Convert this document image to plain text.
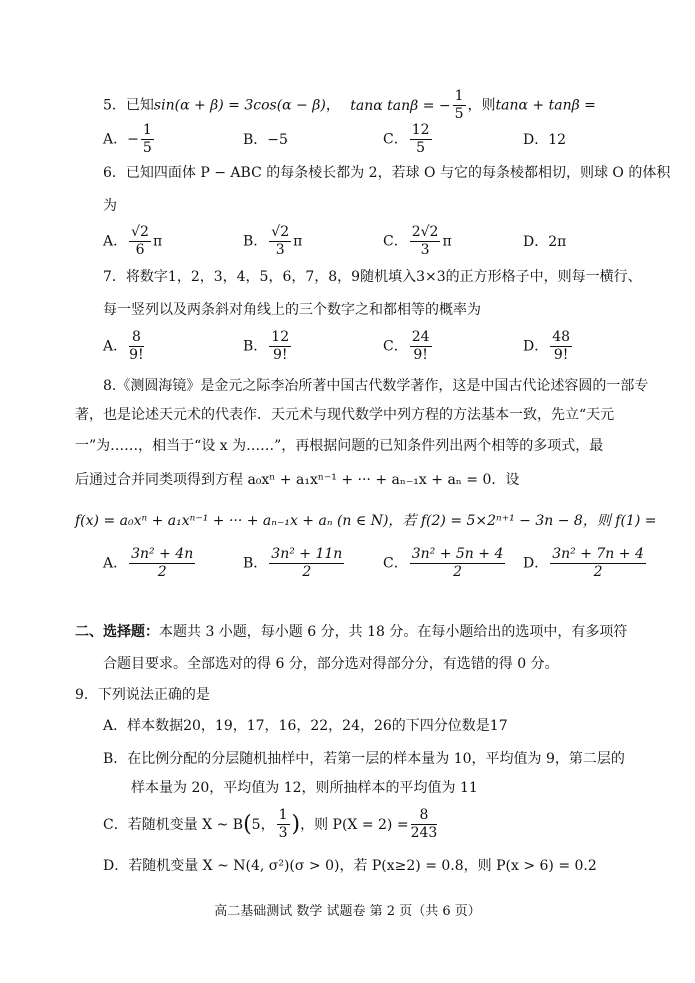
5．已知sin(α + β) = 3cos(α − β)， tanα tanβ = − $\frac{1}{5}$ ，则tanα + tanβ =
A．− $\frac{1}{5}$	B．−5	C． $\frac{12}{5}$	D．12
6．已知四面体 P − ABC 的每条棱长都为 2，若球 O 与它的每条棱都相切，则球 O 的体积
为
A． $\frac{√2}{6}$ π	B． $\frac{√2}{3}$ π	C． $\frac{2√2}{3}$ π	D．2π
7．将数字1，2，3，4，5，6，7，8，9随机填入3×3的正方形格子中，则每一横行、
每一竖列以及两条斜对角线上的三个数字之和都相等的概率为
A． $\frac{8}{9!}$	B． $\frac{12}{9!}$	C． $\frac{24}{9!}$	D． $\frac{48}{9!}$
8.《测圆海镜》是金元之际李冶所著中国古代数学著作，这是中国古代论述容圆的一部专
著，也是论述天元术的代表作．天元术与现代数学中列方程的方法基本一致，先立“天元
一”为……，相当于“设 x 为……”，再根据问题的已知条件列出两个相等的多项式，最
后通过合并同类项得到方程 a₀xⁿ + a₁xⁿ⁻¹ + ··· + aₙ₋₁x + aₙ = 0．设
f(x) = a₀xⁿ + a₁xⁿ⁻¹ + ··· + aₙ₋₁x + aₙ (n ∈ N)，若 f(2) = 5×2ⁿ⁺¹ − 3n − 8，则 f(1) =
A． $\frac{\text{3n² + 4n}}{2}$	B． $\frac{\text{3n² + 11n}}{2}$	C． $\frac{\text{3n² + 5n + 4}}{2}$ D． $\frac{\text{3n² + 7n + 4}}{2}$
二、选择题：本题共 3 小题，每小题 6 分，共 18 分。在每小题给出的选项中，有多项符
合题目要求。全部选对的得 6 分，部分选对得部分分，有选错的得 0 分。
9．下列说法正确的是
A．样本数据20，19，17，16，22，24，26的下四分位数是17
B．在比例分配的分层随机抽样中，若第一层的样本量为 10，平均值为 9，第二层的
样本量为 20，平均值为 12，则所抽样本的平均值为 11
C．若随机变量 X ~ B(5， $\frac{1}{3}$ )，则 $P(X = 2) = \frac{8}{243}$
D．若随机变量 X ~ N(4, σ²)(σ > 0)，若 P(x≥2) = 0.8，则 P(x > 6) = 0.2
高二基础测试 数学 试题卷 第 2 页（共 6 页）
